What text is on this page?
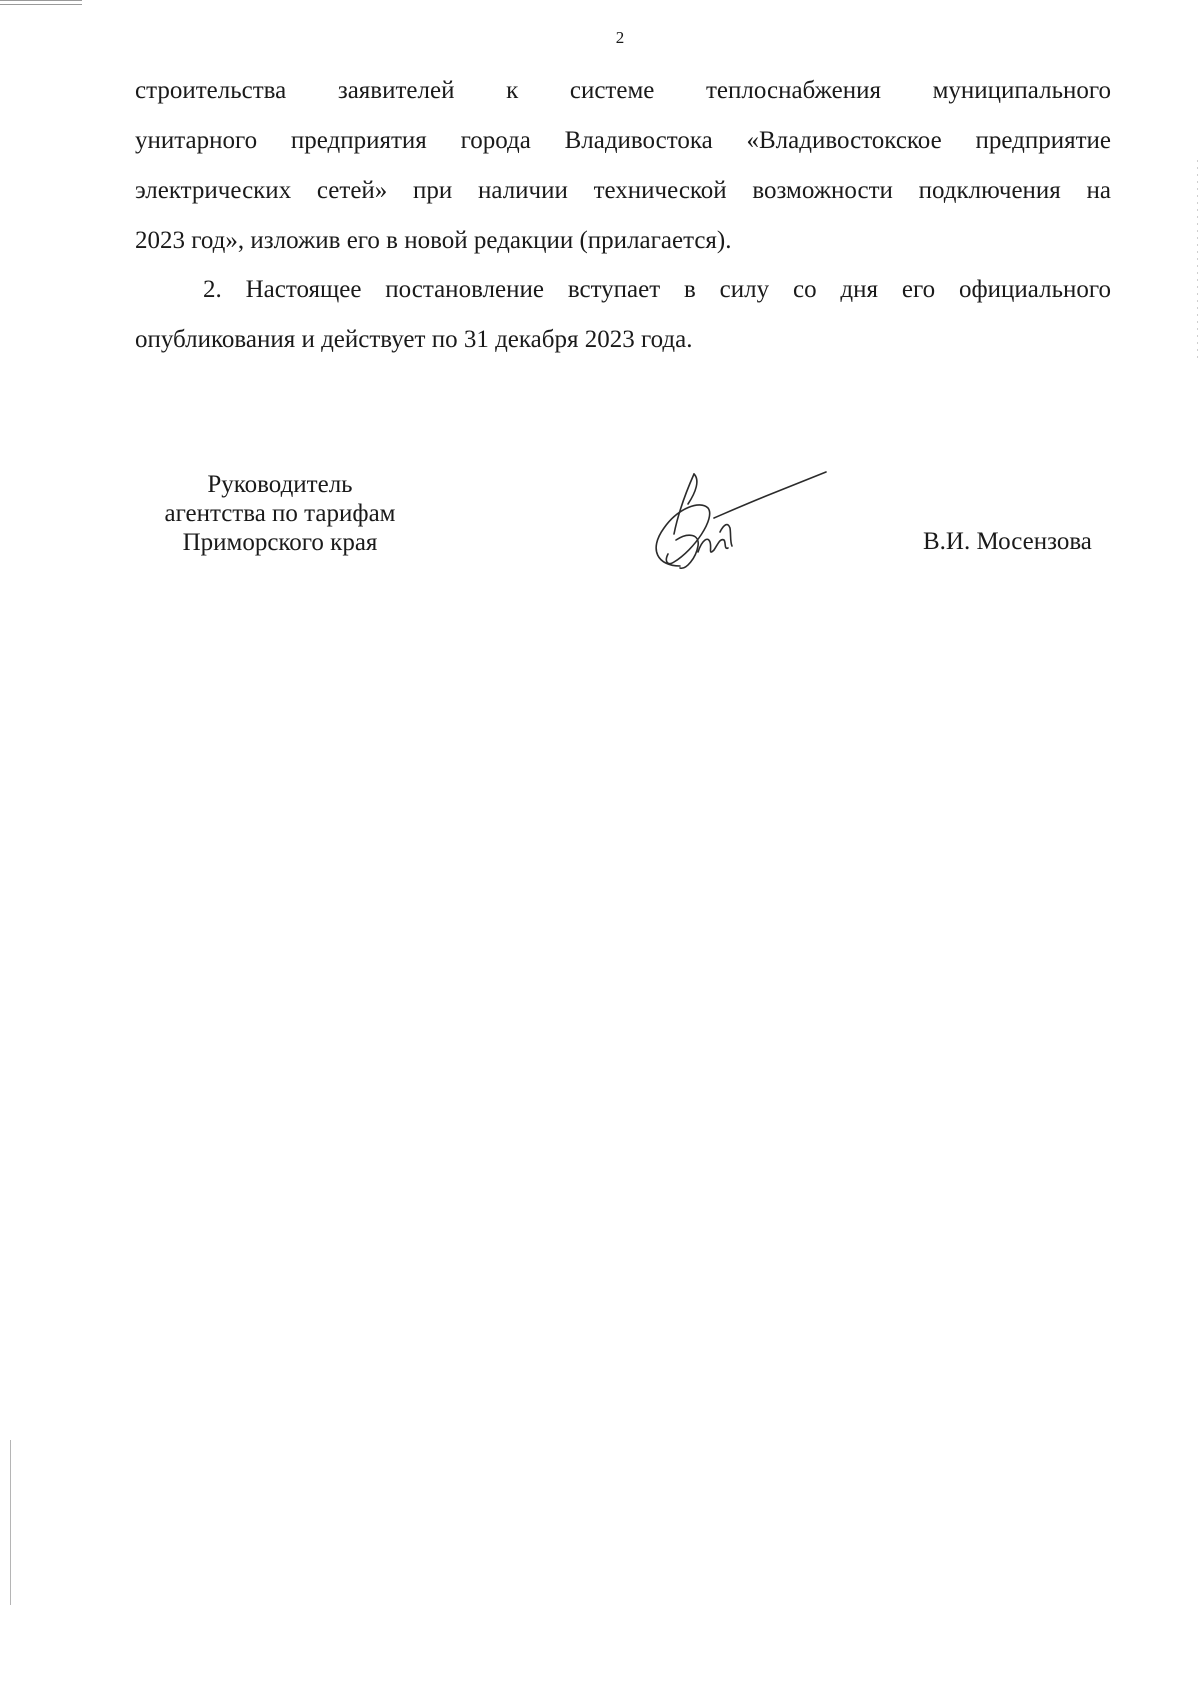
2

строительства заявителей к системе теплоснабжения муниципального
унитарного предприятия города Владивостока «Владивостокское предприятие
электрических сетей» при наличии технической возможности подключения на
2023 год», изложив его в новой редакции (прилагается).

2. Настоящее постановление вступает в силу со дня его официального
опубликования и действует по 31 декабря 2023 года.

Руководитель
агентства по тарифам
Приморского края	В.И. Мосензова
